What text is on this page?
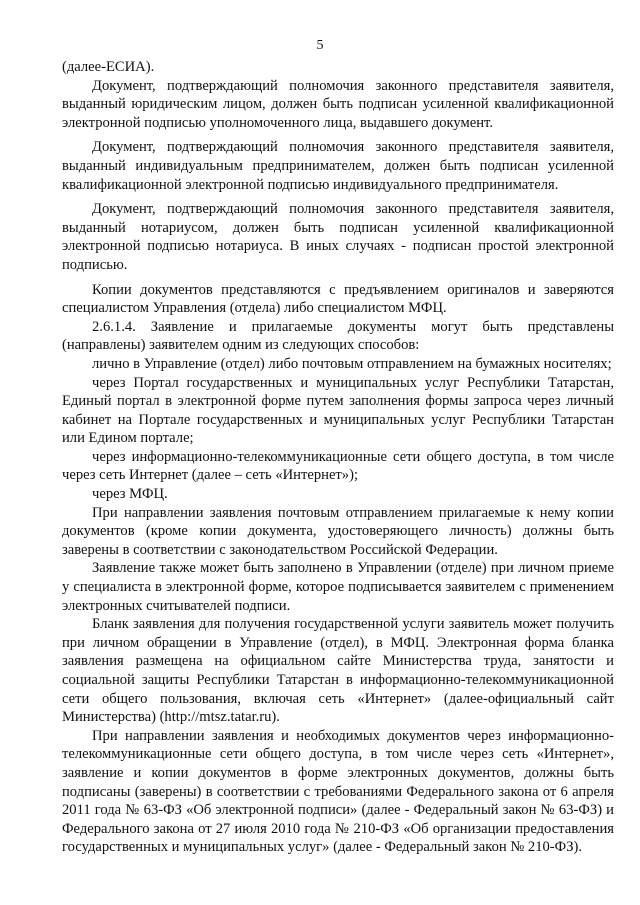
5

(далее-ЕСИА).

Документ, подтверждающий полномочия законного представителя заявителя, выданный юридическим лицом, должен быть подписан усиленной квалификационной электронной подписью уполномоченного лица, выдавшего документ.

Документ, подтверждающий полномочия законного представителя заявителя, выданный индивидуальным предпринимателем, должен быть подписан усиленной квалификационной электронной подписью индивидуального предпринимателя.

Документ, подтверждающий полномочия законного представителя заявителя, выданный нотариусом, должен быть подписан усиленной квалификационной электронной подписью нотариуса. В иных случаях - подписан простой электронной подписью.

Копии документов представляются с предъявлением оригиналов и заверяются специалистом Управления (отдела) либо специалистом МФЦ.

2.6.1.4. Заявление и прилагаемые документы могут быть представлены (направлены) заявителем одним из следующих способов:

лично в Управление (отдел) либо почтовым отправлением на бумажных носителях;

через Портал государственных и муниципальных услуг Республики Татарстан, Единый портал в электронной форме путем заполнения формы запроса через личный кабинет на Портале государственных и муниципальных услуг Республики Татарстан или Едином портале;

через информационно-телекоммуникационные сети общего доступа, в том числе через сеть Интернет (далее – сеть «Интернет»);

через МФЦ.

При направлении заявления почтовым отправлением прилагаемые к нему копии документов (кроме копии документа, удостоверяющего личность) должны быть заверены в соответствии с законодательством Российской Федерации.

Заявление также может быть заполнено в Управлении (отделе) при личном приеме у специалиста в электронной форме, которое подписывается заявителем с применением электронных считывателей подписи.

Бланк заявления для получения государственной услуги заявитель может получить при личном обращении в Управление (отдел), в МФЦ. Электронная форма бланка заявления размещена на официальном сайте Министерства труда, занятости и социальной защиты Республики Татарстан в информационно-телекоммуникационной сети общего пользования, включая сеть «Интернет» (далее-официальный сайт Министерства) (http://mtsz.tatar.ru).

При направлении заявления и необходимых документов через информационно-телекоммуникационные сети общего доступа, в том числе через сеть «Интернет», заявление и копии документов в форме электронных документов, должны быть подписаны (заверены) в соответствии с требованиями Федерального закона от 6 апреля 2011 года № 63-ФЗ «Об электронной подписи» (далее - Федеральный закон № 63-ФЗ) и Федерального закона от 27 июля 2010 года № 210-ФЗ «Об организации предоставления государственных и муниципальных услуг» (далее - Федеральный закон № 210-ФЗ).
